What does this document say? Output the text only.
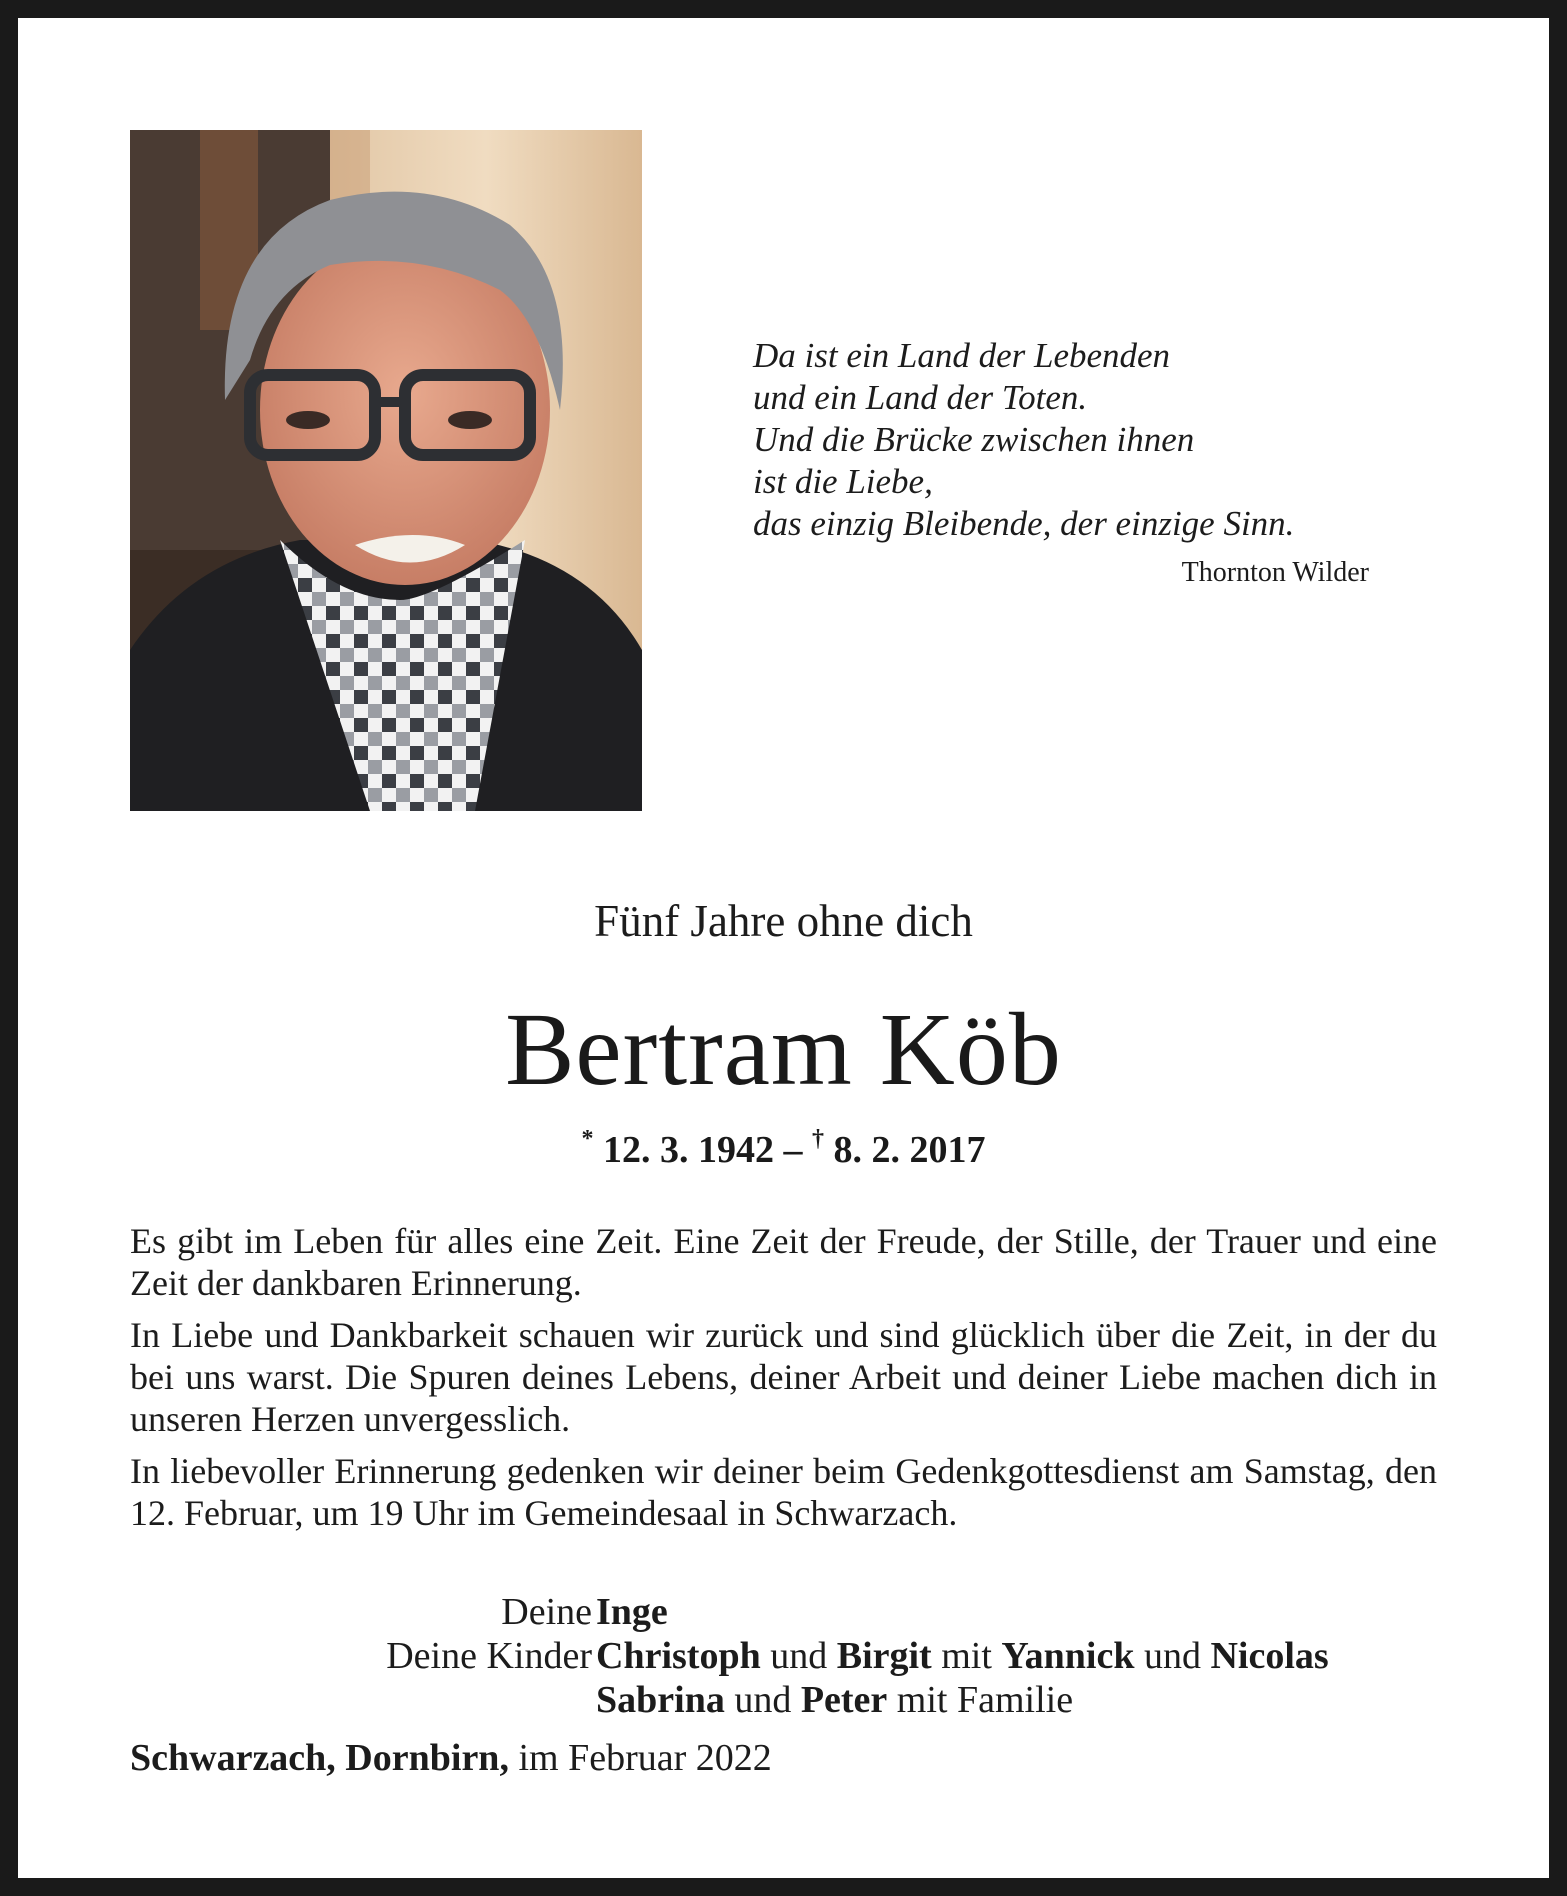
Da ist ein Land der Lebenden
und ein Land der Toten.
Und die Brücke zwischen ihnen
ist die Liebe,
das einzig Bleibende, der einzige Sinn.
Thornton Wilder
Fünf Jahre ohne dich
Bertram Köb
* 12. 3. 1942 – † 8. 2. 2017

Es gibt im Leben für alles eine Zeit. Eine Zeit der Freude, der Stille, der Trauer und eine Zeit der dankbaren Erinnerung.

In Liebe und Dankbarkeit schauen wir zurück und sind glücklich über die Zeit, in der du bei uns warst. Die Spuren deines Lebens, deiner Arbeit und deiner Liebe machen dich in unseren Herzen unvergesslich.

In liebevoller Erinnerung gedenken wir deiner beim Gedenkgottesdienst am Samstag, den 12. Februar, um 19 Uhr im Gemeindesaal in Schwarzach.

Deine Inge
Deine Kinder Christoph und Birgit mit Yannick und Nicolas
Sabrina und Peter mit Familie
Schwarzach, Dornbirn, im Februar 2022
